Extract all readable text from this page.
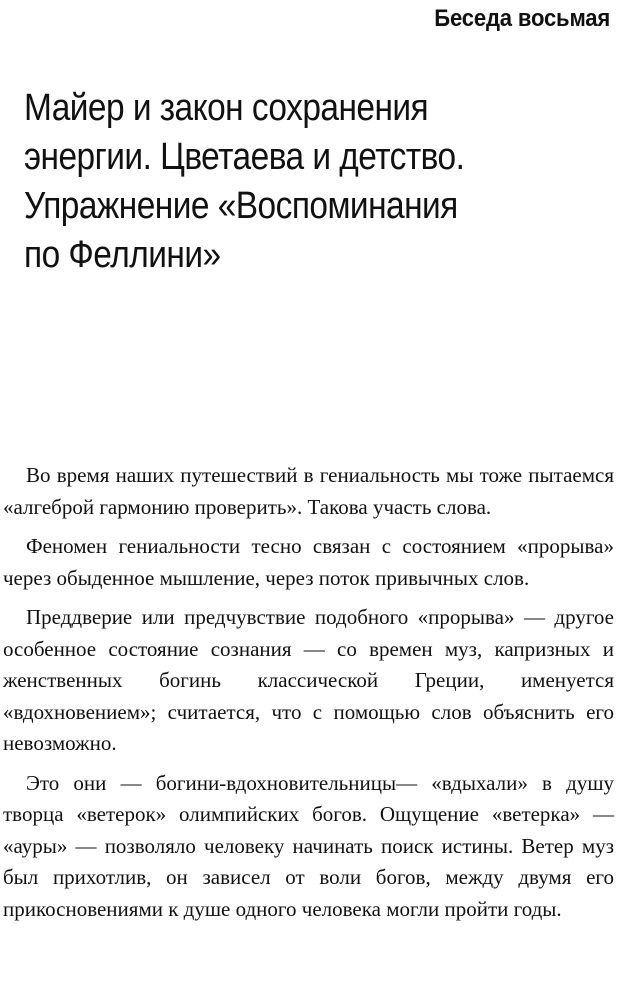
Беседа восьмая
Майер и закон сохранения
энергии. Цветаева и детство.
Упражнение «Воспоминания
по Феллини»

Во время наших путешествий в гениальность мы тоже пытаемся «алгеброй гармонию проверить». Такова участь слова.

Феномен гениальности тесно связан с состоянием «прорыва» через обыденное мышление, через поток привычных слов.

Преддверие или предчувствие подобного «прорыва» — другое особенное состояние сознания — со времен муз, капризных и женственных богинь классической Греции, именуется «вдохновением»; считается, что с помощью слов объяснить его невозможно.

Это они — богини-вдохновительницы— «вдыхали» в душу творца «ветерок» олимпийских богов. Ощущение «ветерка» — «ауры» — позволяло человеку начинать поиск истины. Ветер муз был прихотлив, он зависел от воли богов, между двумя его прикосновениями к душе одного человека могли пройти годы.
